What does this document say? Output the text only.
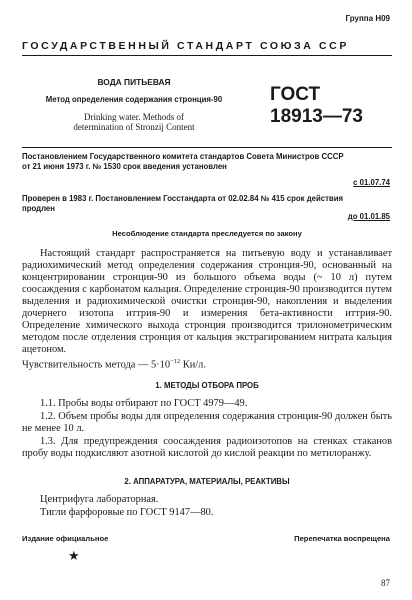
Группа Н09
ГОСУДАРСТВЕННЫЙ СТАНДАРТ СОЮЗА ССР
ВОДА ПИТЬЕВАЯ
Метод определения содержания стронция-90
Drinking water. Methods of
determination of Stronzij Content
ГОСТ
18913—73
Постановлением Государственного комитета стандартов Совета Министров СССР
от 21 июня 1973 г. № 1530 срок введения установлен
с 01.07.74
Проверен в 1983 г. Постановлением Госстандарта от 02.02.84 № 415 срок действия продлен
до 01.01.85
Несоблюдение стандарта преследуется по закону

Настоящий стандарт распространяется на питьевую воду и устанавливает радиохимический метод определения содержания стронция-90, основанный на концентрировании стронция-90 из большого объема воды (~ 10 л) путем соосаждения с карбонатом кальция. Определение стронция-90 производится путем выделения и радиохимической очистки стронция-90, накопления и выделения дочернего изотопа иттрия-90 и измерения бета-активности иттрия-90. Определение химического выхода стронция производится трилонометрическим методом после отделения стронция от кальция экстрагированием нитрата кальция ацетоном.

Чувствительность метода — $5\cdot 10^{-12}$ Ки/л.

1. МЕТОДЫ ОТБОРА ПРОБ

1.1. Пробы воды отбирают по ГОСТ 4979—49.

1.2. Объем пробы воды для определения содержания стронция-90 должен быть не менее 10 л.

1.3. Для предупреждения соосаждения радиоизотопов на стенках стаканов пробу воды подкисляют азотной кислотой до кислой реакции по метилоранжу.

2. АППАРАТУРА, МАТЕРИАЛЫ, РЕАКТИВЫ

Центрифуга лабораторная.

Тигли фарфоровые по ГОСТ 9147—80.

Издание официальное	Перепечатка воспрещена
★
87
